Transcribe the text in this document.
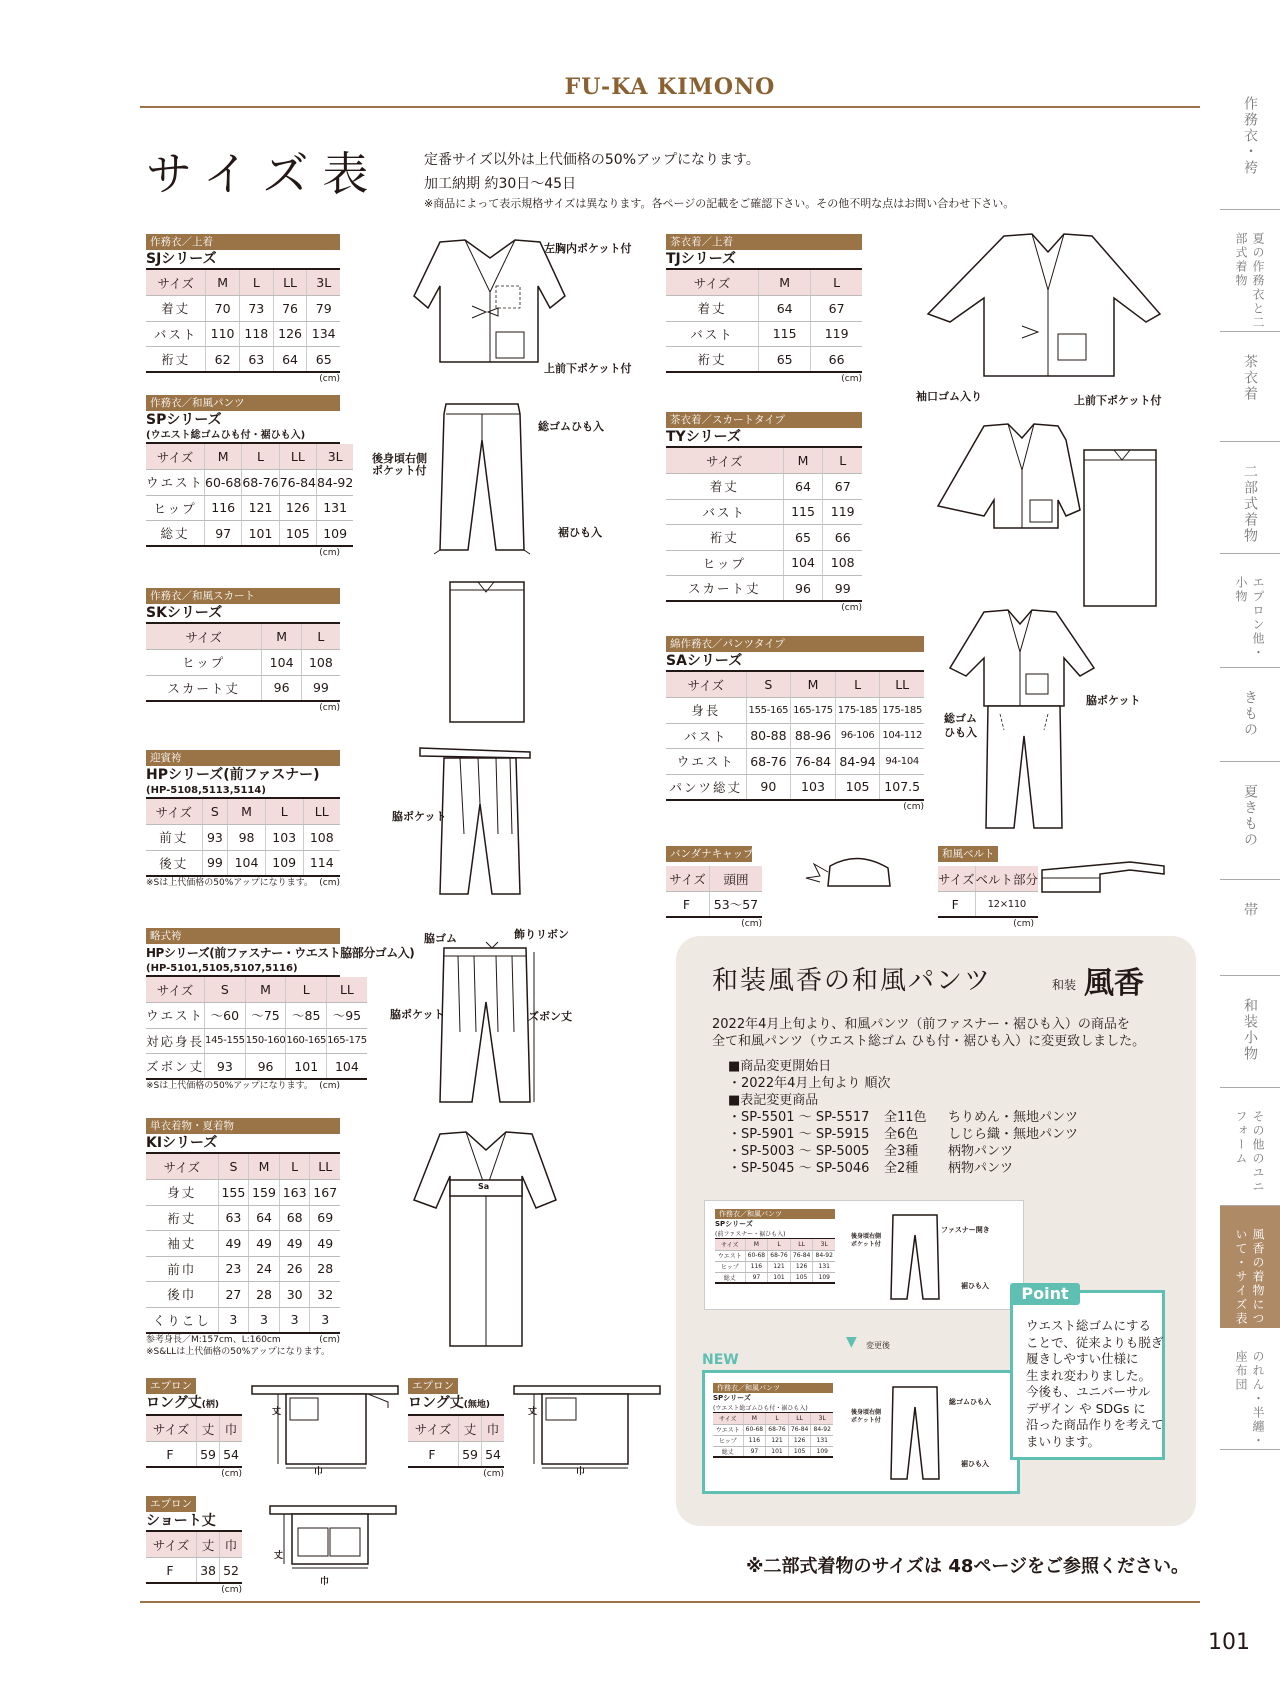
FU-KA KIMONO
サイズ表	定番サイズ以外は上代価格の50%アップになります。
加工納期 約30日～45日
※商品によって表示規格サイズは異なります。各ページの記載をご確認下さい。その他不明な点はお問い合わせ下さい。
作務衣／上着
SJシリーズ
サイズ	M	L	LL	3L
着丈	70	73	76	79
バスト	110	118	126	134
裄丈	62	63	64	65
(cm)
作務衣／和風パンツ
SPシリーズ
(ウエスト総ゴムひも付・裾ひも入)
サイズ	M	L	LL	3L
ウエスト	60-68	68-76	76-84	84-92
ヒップ	116	121	126	131
総丈	97	101	105	109
(cm)
作務衣／和風スカート
SKシリーズ
サイズ	M	L
ヒップ	104	108
スカート丈	96	99
(cm)
迎賓袴
HPシリーズ(前ファスナー)
(HP-5108,5113,5114)
サイズ	S	M	L	LL
前丈	93	98	103	108
後丈	99	104	109	114
※Sは上代価格の50%アップになります。 (cm)
略式袴
HPシリーズ(前ファスナー・ウエスト脇部分ゴム入)
(HP-5101,5105,5107,5116)
サイズ	S	M	L	LL
ウエスト	～60	～75	～85	～95
対応身長	145-155	150-160	160-165	165-175
ズボン丈	93	96	101	104
※Sは上代価格の50%アップになります。 (cm)
単衣着物・夏着物
KIシリーズ
サイズ	S	M	L	LL
身丈	155	159	163	167
裄丈	63	64	68	69
袖丈	49	49	49	49
前巾	23	24	26	28
後巾	27	28	30	32
くりこし	3	3	3	3
参考身長／M:157cm、L:160cm	(cm)
※S&LLは上代価格の50%アップになります。
エプロン
ロング丈(柄)
サイズ	丈	巾
F	59	54
(cm)
エプロン
ロング丈(無地)
サイズ	丈	巾
F	59	54
(cm)
エプロン
ショート丈
サイズ	丈	巾
F	38	52
(cm)
茶衣着／上着
TJシリーズ
サイズ	M	L
着丈	64	67
バスト	115	119
裄丈	65	66
(cm)
茶衣着／スカートタイプ
TYシリーズ
サイズ	M	L
着丈	64	67
バスト	115	119
裄丈	65	66
ヒップ	104	108
スカート丈	96	99
(cm)
綿作務衣／パンツタイプ
SAシリーズ
サイズ	S	M	L	LL
身長	155-165	165-175	175-185	175-185
バスト	80-88	88-96	96-106	104-112
ウエスト	68-76	76-84	84-94	94-104
パンツ総丈	90	103	105	107.5
(cm)
バンダナキャップ
サイズ	頭囲
F	53～57
(cm)
和風ベルト
サイズ	ベルト部分
F	12×110
(cm)
左胸内ポケット付
上前下ポケット付
総ゴムひも入
後身頃右側
ポケット付
裾ひも入
脇ポケット
脇ゴム	飾りリボン
脇ポケット	ズボン丈
Sa
丈
巾
丈
巾
丈
巾
袖口ゴム入り	上前下ポケット付
総ゴム
ひも入
脇ポケット
和装風香の和風パンツ	和装 風香
2022年4月上旬より、和風パンツ（前ファスナー・裾ひも入）の商品を
全て和風パンツ（ウエスト総ゴム ひも付・裾ひも入）に変更致しました。
■商品変更開始日
・2022年4月上旬より 順次
■表記変更商品
・SP-5501 ～ SP-5517	全11色	ちりめん・無地パンツ
・SP-5901 ～ SP-5915	全6色	しじら織・無地パンツ
・SP-5003 ～ SP-5005	全3種	柄物パンツ
・SP-5045 ～ SP-5046	全2種	柄物パンツ
作務衣／和風パンツ
SPシリーズ
(前ファスナー・裾ひも入)
サイズ	M	L	LL	3L
ウエスト	60-68	68-76	76-84	84-92
ヒップ	116	121	126	131
総丈	97	101	105	109
ファスナー開き
後身頃右側
ポケット付
裾ひも入
▼ 変更後
NEW
作務衣／和風パンツ
SPシリーズ
(ウエスト総ゴムひも付・裾ひも入)
サイズ	M	L	LL	3L
ウエスト	60-68	68-76	76-84	84-92
ヒップ	116	121	126	131
総丈	97	101	105	109
総ゴムひも入
後身頃右側
ポケット付
裾ひも入
Point
ウエスト総ゴムにする
ことで、従来よりも脱ぎ
履きしやすい仕様に
生まれ変わりました。
今後も、ユニバーサル
デザイン や SDGs に
沿った商品作りを考えて
まいります。
※二部式着物のサイズは 48ページをご参照ください。
101
作務衣・袴
夏の作務衣と二部式着物
茶衣着
二部式着物
エプロン他・小物
きもの
夏きもの
帯
和装小物
その他のユニフォーム
風香の着物について・サイズ表
のれん・半纏・座布団
